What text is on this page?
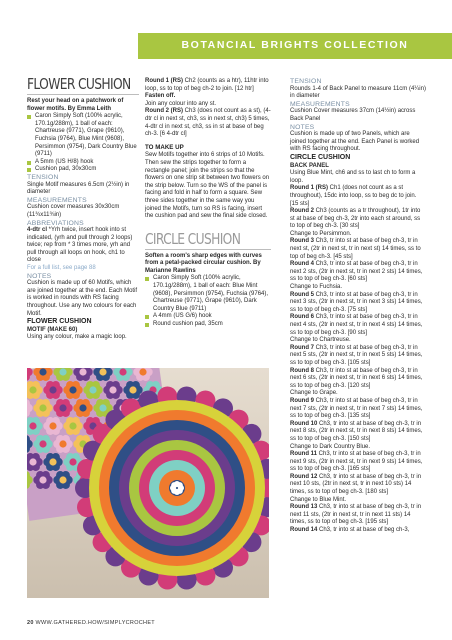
BOTANCIAL BRIGHTS COLLECTION
FLOWER CUSHION

Rest your head on a patchwork of flower motifs. By Emma Leith

Caron Simply Soft (100% acrylic, 170.1g/288m), 1 ball of each: Chartreuse (9771), Grape (9610), Fuchsia (9764), Blue Mint (9608), Persimmon (9754), Dark Country Blue (9711)

A 5mm (US H/8) hook

Cushion pad, 30x30cm

TENSION

Single Motif measures 6.5cm (2½in) in diameter

MEASUREMENTS

Cushion cover measures 30x30cm (11¾x11¾in)

ABBREVIATIONS

4-dtr cl *Yrh twice, insert hook into st indicated, (yrh and pull through 2 loops) twice; rep from * 3 times more, yrh and pull through all loops on hook, ch1 to close

For a full list, see page 88

NOTES

Cushion is made up of 60 Motifs, which are joined together at the end. Each Motif is worked in rounds with RS facing throughout. Use any two colours for each Motif.

FLOWER CUSHION

MOTIF (MAKE 60)

Using any colour, make a magic loop.

Round 1 (RS) Ch2 (counts as a htr), 11htr into loop, ss to top of beg ch-2 to join. [12 htr]

Fasten off.

Join any colour into any st.

Round 2 (RS) Ch3 (does not count as a st), (4-dtr cl in next st, ch3, ss in next st, ch3) 5 times, 4-dtr cl in next st, ch3, ss in st at base of beg ch-3. [6 4-dtr cl]

TO MAKE UP

Sew Motifs together into 6 strips of 10 Motifs. Then sew the strips together to form a rectangle panel; join the strips so that the flowers on one strip sit between two flowers on the strip below. Turn so the WS of the panel is facing and fold in half to form a square. Sew three sides together in the same way you joined the Motifs, turn so RS is facing, insert the cushion pad and sew the final side closed.

CIRCLE CUSHION

Soften a room's sharp edges with curves from a petal-packed circular cushion. By Marianne Rawlins

Caron Simply Soft (100% acrylic, 170.1g/288m), 1 ball of each: Blue Mint (9608), Persimmon (9754), Fuchsia (9764), Chartreuse (9771), Grape (9610), Dark Country Blue (9711)

A 4mm (US G/6) hook

Round cushion pad, 35cm

TENSION

Rounds 1-4 of Back Panel to measure 11cm (4¼in) in diameter

MEASUREMENTS

Cushion Cover measures 37cm (14½in) across Back Panel

NOTES

Cushion is made up of two Panels, which are joined together at the end. Each Panel is worked with RS facing throughout.

CIRCLE CUSHION

BACK PANEL

Using Blue Mint, ch6 and ss to last ch to form a loop.

Round 1 (RS) Ch1 (does not count as a st throughout), 15dc into loop, ss to beg dc to join. [15 sts]

Round 2 Ch3 (counts as a tr throughout), 1tr into st at base of beg ch-3, 2tr into each st around, ss to top of beg ch-3. [30 sts]

Change to Persimmon.

Round 3 Ch3, tr into st at base of beg ch-3, tr in next st, (2tr in next st, tr in next st) 14 times, ss to top of beg ch-3. [45 sts]

Round 4 Ch3, tr into st at base of beg ch-3, tr in next 2 sts, (2tr in next st, tr in next 2 sts) 14 times, ss to top of beg ch-3. [60 sts]

Change to Fuchsia.

Round 5 Ch3, tr into st at base of beg ch-3, tr in next 3 sts, (2tr in next st, tr in next 3 sts) 14 times, ss to top of beg ch-3. [75 sts]

Round 6 Ch3, tr into st at base of beg ch-3, tr in next 4 sts, (2tr in next st, tr in next 4 sts) 14 times, ss to top of beg ch-3. [90 sts]

Change to Chartreuse.

Round 7 Ch3, tr into st at base of beg ch-3, tr in next 5 sts, (2tr in next st, tr in next 5 sts) 14 times, ss to top of beg ch-3. [105 sts]

Round 8 Ch3, tr into st at base of beg ch-3, tr in next 6 sts, (2tr in next st, tr in next 6 sts) 14 times, ss to top of beg ch-3. [120 sts]

Change to Grape.

Round 9 Ch3, tr into st at base of beg ch-3, tr in next 7 sts, (2tr in next st, tr in next 7 sts) 14 times, ss to top of beg ch-3. [135 sts]

Round 10 Ch3, tr into st at base of beg ch-3, tr in next 8 sts, (2tr in next st, tr in next 8 sts) 14 times, ss to top of beg ch-3. [150 sts]

Change to Dark Country Blue.

Round 11 Ch3, tr into st at base of beg ch-3, tr in next 9 sts, (2tr in next st, tr in next 9 sts) 14 times, ss to top of beg ch-3. [165 sts]

Round 12 Ch3, tr into st at base of beg ch-3, tr in next 10 sts, (2tr in next st, tr in next 10 sts) 14 times, ss to top of beg ch-3. [180 sts]

Change to Blue Mint.

Round 13 Ch3, tr into st at base of beg ch-3, tr in next 11 sts, (2tr in next st, tr in next 11 sts) 14 times, ss to top of beg ch-3. [195 sts]

Round 14 Ch3, tr into st at base of beg ch-3,

20 WWW.GATHERED.HOW/SIMPLYCROCHET
